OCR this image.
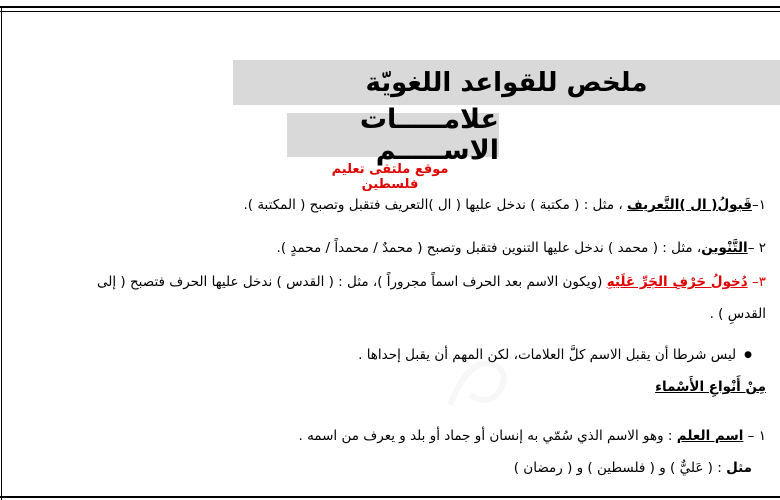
ملخص للقواعد اللغويّة
علامـــــات الاســـــم
موقع ملتقى تعليم فلسطين
١–قَبولُ( ال )التَّعريف ، مثل : ( مكتبة ) ندخل عليها ( ال )التعريف فتقبل وتصبح ( المكتبة ).
٢ –التَّنْوين، مثل : ( محمد ) ندخل عليها التنوين فتقبل وتصبح ( محمدٌ / محمداً / محمدٍ ).
٣– دُخولُ حَرْفِ الجَرِّ عَلَيْهِ (ويكون الاسم بعد الحرف اسماً مجروراً )، مثل : ( القدس ) ندخل عليها الحرف فتصبح ( إلى
القدسِ ) .
● ليس شرطا أن يقبل الاسم كلَّ العلامات، لكن المهم أن يقبل إحداها .
مِنْ أَنْواعِ الأَسْماء
١ – اسم العلم : وهو الاسم الذي سُمّي به إنسان أو جماد أو بلد و يعرف من اسمه .
مثل : ( عَليٌّ ) و ( فلسطين ) و ( رمضان )
